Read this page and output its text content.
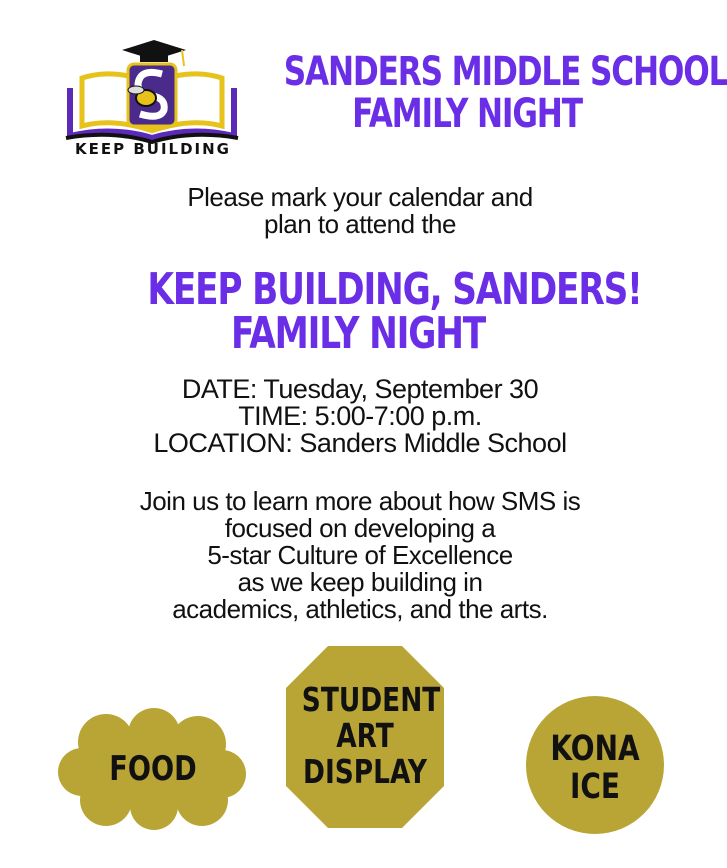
KEEP BUILDING
SANDERS MIDDLE SCHOOL
FAMILY NIGHT
Please mark your calendar and
plan to attend the
KEEP BUILDING, SANDERS!
FAMILY NIGHT
DATE: Tuesday, September 30
TIME: 5:00-7:00 p.m.
LOCATION: Sanders Middle School
Join us to learn more about how SMS is
focused on developing a
5-star Culture of Excellence
as we keep building in
academics, athletics, and the arts.
FOOD
STUDENT
ART
DISPLAY
KONA
ICE
